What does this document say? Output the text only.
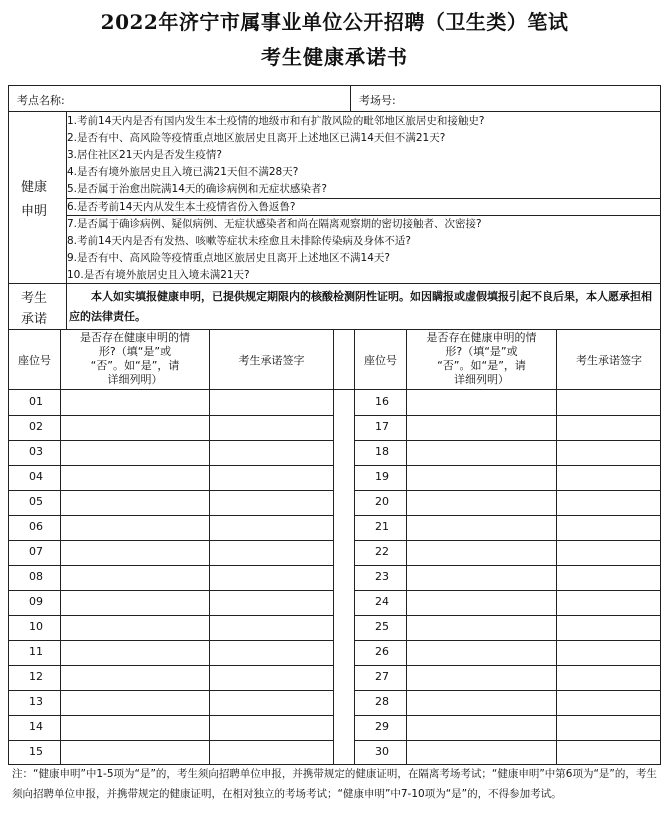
2022年济宁市属事业单位公开招聘（卫生类）笔试
考生健康承诺书
考点名称:	考场号:
健康
申明
1.考前14天内是否有国内发生本土疫情的地级市和有扩散风险的毗邻地区旅居史和接触史?
2.是否有中、高风险等疫情重点地区旅居史且离开上述地区已满14天但不满21天?
3.居住社区21天内是否发生疫情?
4.是否有境外旅居史且入境已满21天但不满28天?
5.是否属于治愈出院满14天的确诊病例和无症状感染者?
6.是否考前14天内从发生本土疫情省份入鲁返鲁?
7.是否属于确诊病例、疑似病例、无症状感染者和尚在隔离观察期的密切接触者、次密接?
8.考前14天内是否有发热、咳嗽等症状未痊愈且未排除传染病及身体不适?
9.是否有中、高风险等疫情重点地区旅居史且离开上述地区不满14天?
10.是否有境外旅居史且入境未满21天?
考生
承诺
本人如实填报健康申明，已提供规定期限内的核酸检测阴性证明。如因瞒报或虚假填报引起不良后果，本人愿承担相应的法律责任。
座位号
是否存在健康申明的情
形?（填“是”或
“否”。如“是”，请
详细列明）
考生承诺签字	座位号
是否存在健康申明的情
形?（填“是”或
“否”。如“是”，请
详细列明）
考生承诺签字
01	16
02	17
03	18
04	19
05	20
06	21
07	22
08	23
09	24
10	25
11	26
12	27
13	28
14	29
15	30
注：“健康申明”中1-5项为“是”的，考生须向招聘单位申报，并携带规定的健康证明，在隔离考场考试；“健康申明”中第6项为“是”的，考生须向招聘单位申报，并携带规定的健康证明，在相对独立的考场考试；“健康申明”中7-10项为“是”的，不得参加考试。
